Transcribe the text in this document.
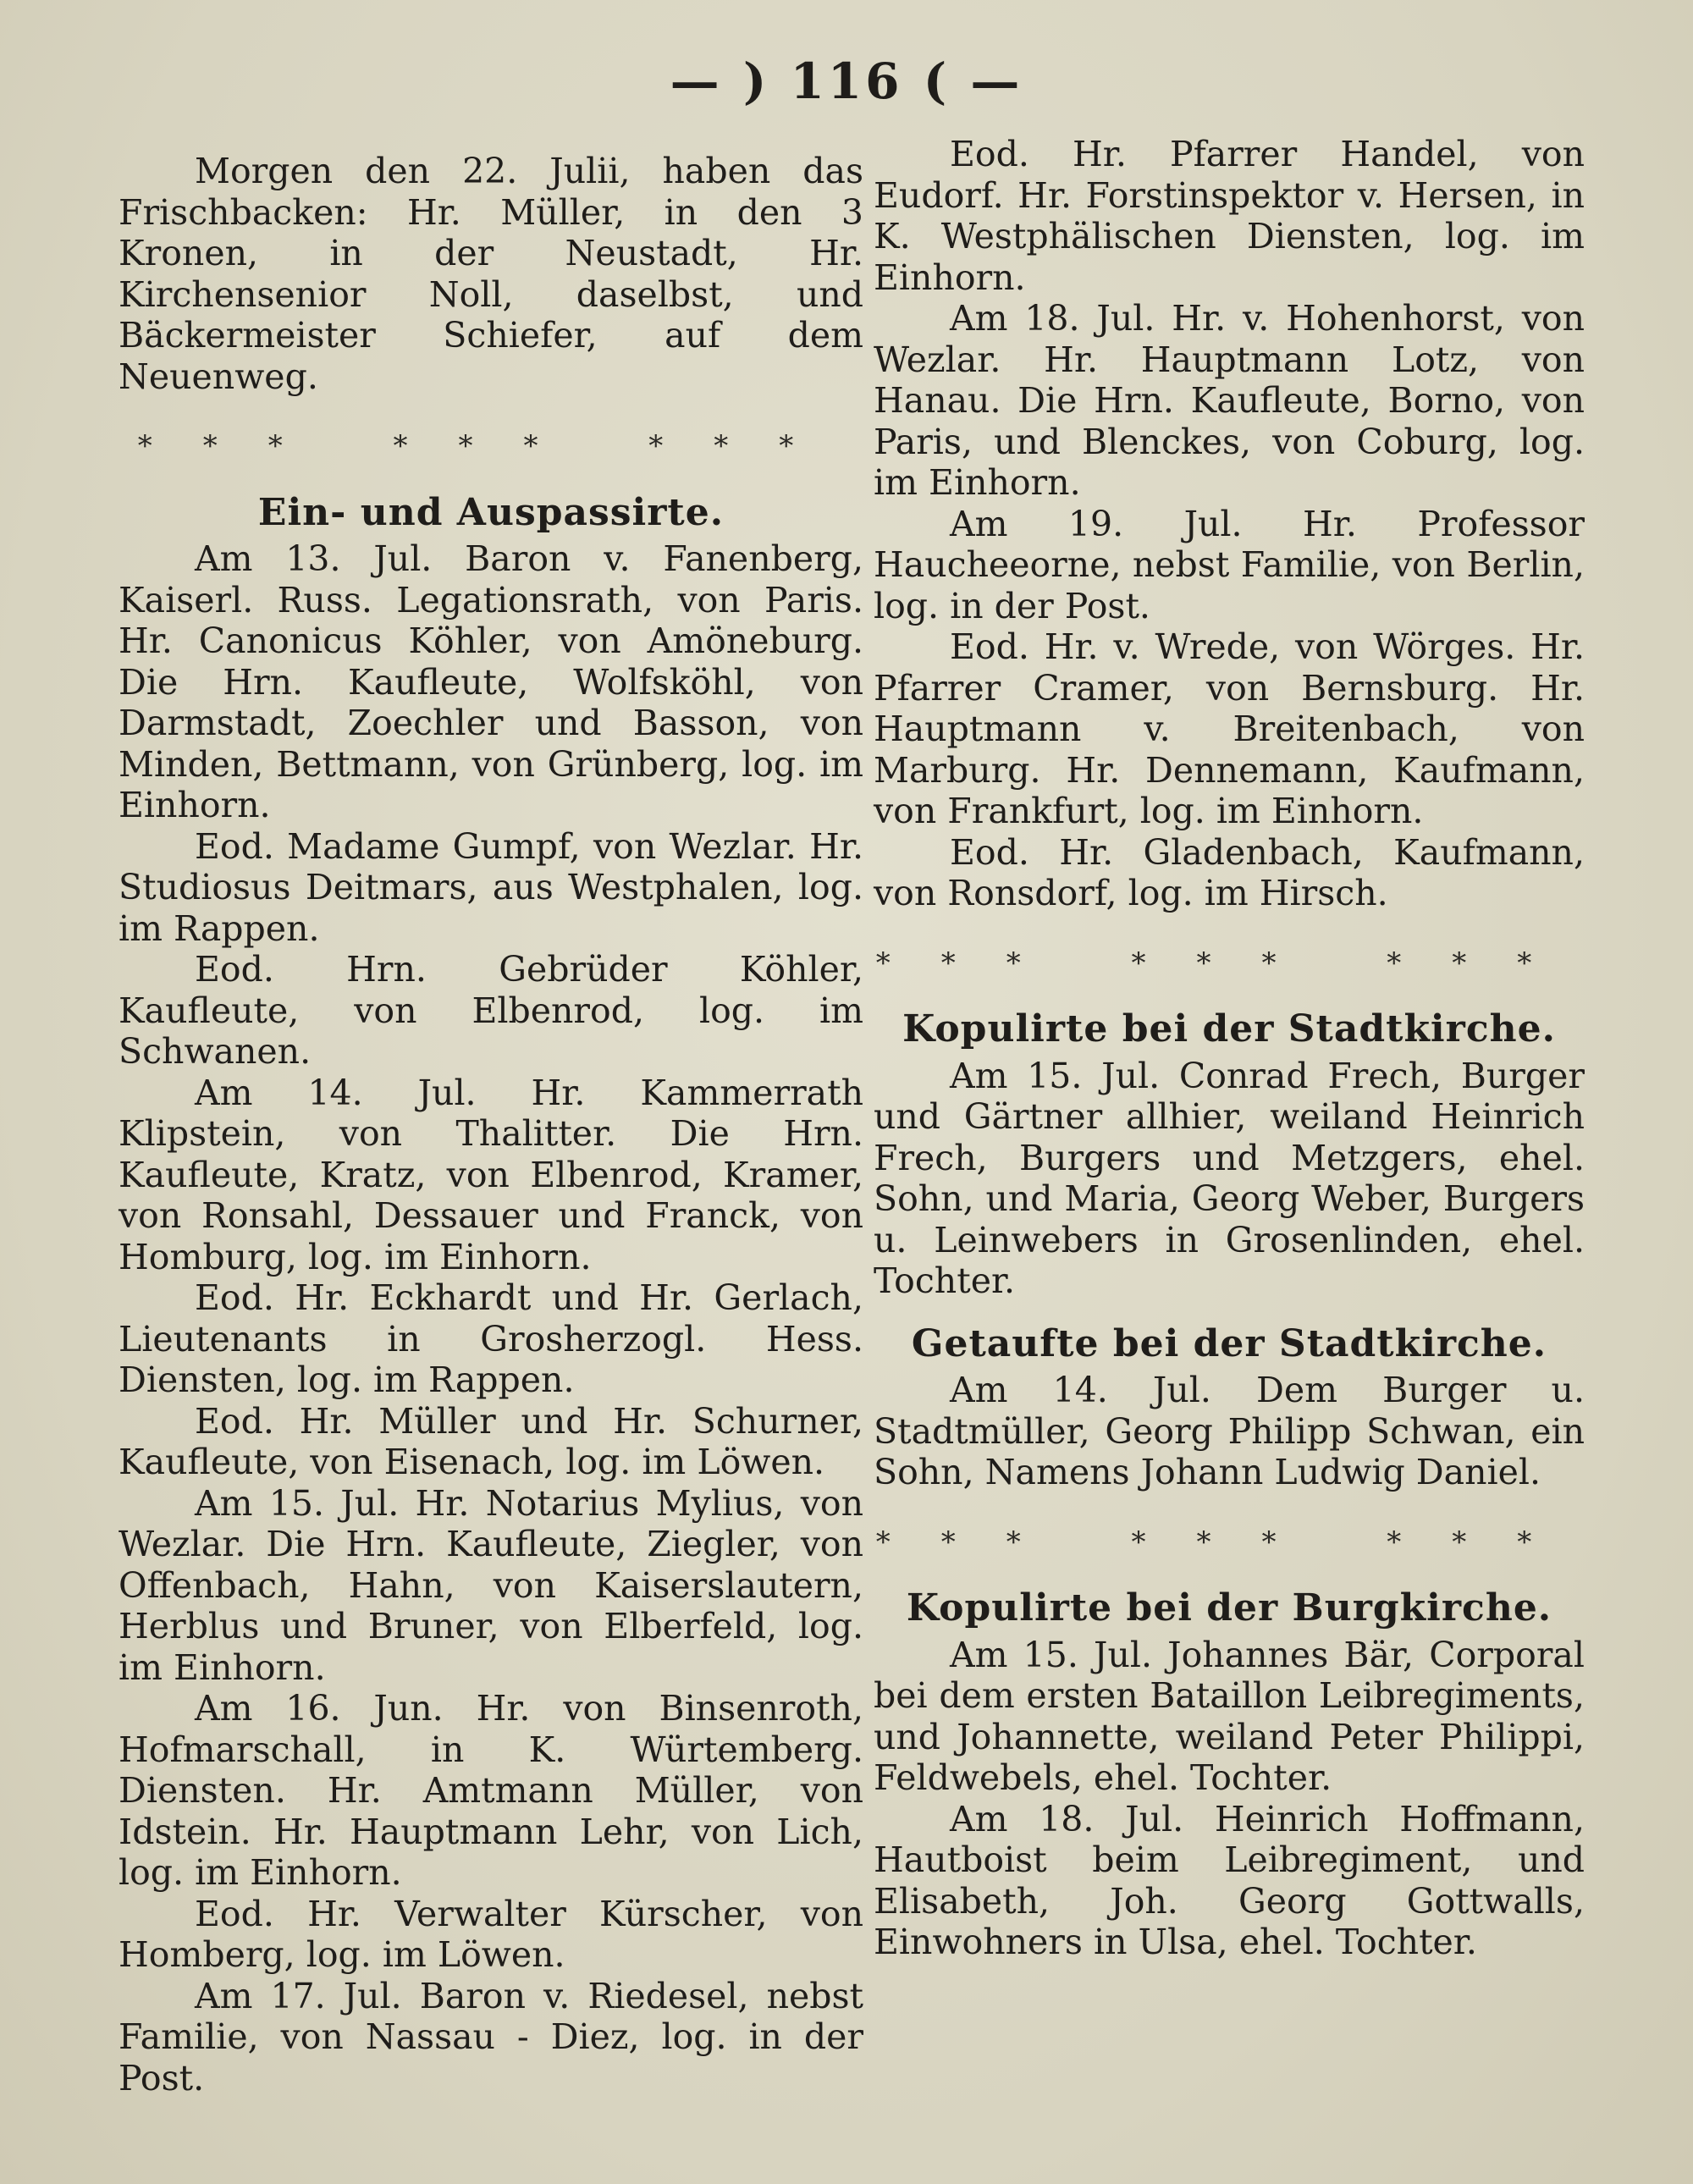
— ) 116 ( —

Morgen den 22. Julii, haben das Frischbacken: Hr. Müller, in den 3 Kronen, in der Neustadt, Hr. Kirchensenior Noll, daselbst, und Bäckermeister Schiefer, auf dem Neuenweg.

*** *** ***
Ein- und Auspassirte.

Am 13. Jul. Baron v. Fanenberg, Kaiserl. Russ. Legationsrath, von Paris. Hr. Canonicus Köhler, von Amöneburg. Die Hrn. Kaufleute, Wolfsköhl, von Darmstadt, Zoechler und Basson, von Minden, Bettmann, von Grünberg, log. im Einhorn.

Eod. Madame Gumpf, von Wezlar. Hr. Studiosus Deitmars, aus Westphalen, log. im Rappen.

Eod. Hrn. Gebrüder Köhler, Kaufleute, von Elbenrod, log. im Schwanen.

Am 14. Jul. Hr. Kammerrath Klipstein, von Thalitter. Die Hrn. Kaufleute, Kratz, von Elbenrod, Kramer, von Ronsahl, Dessauer und Franck, von Homburg, log. im Einhorn.

Eod. Hr. Eckhardt und Hr. Gerlach, Lieutenants in Grosherzogl. Hess. Diensten, log. im Rappen.

Eod. Hr. Müller und Hr. Schurner, Kaufleute, von Eisenach, log. im Löwen.

Am 15. Jul. Hr. Notarius Mylius, von Wezlar. Die Hrn. Kaufleute, Ziegler, von Offenbach, Hahn, von Kaiserslautern, Herblus und Bruner, von Elberfeld, log. im Einhorn.

Am 16. Jun. Hr. von Binsenroth, Hofmarschall, in K. Würtemberg. Diensten. Hr. Amtmann Müller, von Idstein. Hr. Hauptmann Lehr, von Lich, log. im Einhorn.

Eod. Hr. Verwalter Kürscher, von Homberg, log. im Löwen.

Am 17. Jul. Baron v. Riedesel, nebst Familie, von Nassau - Diez, log. in der Post.

Eod. Hr. Pfarrer Handel, von Eudorf. Hr. Forstinspektor v. Hersen, in K. Westphälischen Diensten, log. im Einhorn.

Am 18. Jul. Hr. v. Hohenhorst, von Wezlar. Hr. Hauptmann Lotz, von Hanau. Die Hrn. Kaufleute, Borno, von Paris, und Blenckes, von Coburg, log. im Einhorn.

Am 19. Jul. Hr. Professor Haucheeorne, nebst Familie, von Berlin, log. in der Post.

Eod. Hr. v. Wrede, von Wörges. Hr. Pfarrer Cramer, von Bernsburg. Hr. Hauptmann v. Breitenbach, von Marburg. Hr. Dennemann, Kaufmann, von Frankfurt, log. im Einhorn.

Eod. Hr. Gladenbach, Kaufmann, von Ronsdorf, log. im Hirsch.

*** *** ***
Kopulirte bei der Stadtkirche.

Am 15. Jul. Conrad Frech, Burger und Gärtner allhier, weiland Heinrich Frech, Burgers und Metzgers, ehel. Sohn, und Maria, Georg Weber, Burgers u. Leinwebers in Grosenlinden, ehel. Tochter.

Getaufte bei der Stadtkirche.

Am 14. Jul. Dem Burger u. Stadtmüller, Georg Philipp Schwan, ein Sohn, Namens Johann Ludwig Daniel.

*** *** ***
Kopulirte bei der Burgkirche.

Am 15. Jul. Johannes Bär, Corporal bei dem ersten Bataillon Leibregiments, und Johannette, weiland Peter Philippi, Feldwebels, ehel. Tochter.

Am 18. Jul. Heinrich Hoffmann, Hautboist beim Leibregiment, und Elisabeth, Joh. Georg Gottwalls, Einwohners in Ulsa, ehel. Tochter.
